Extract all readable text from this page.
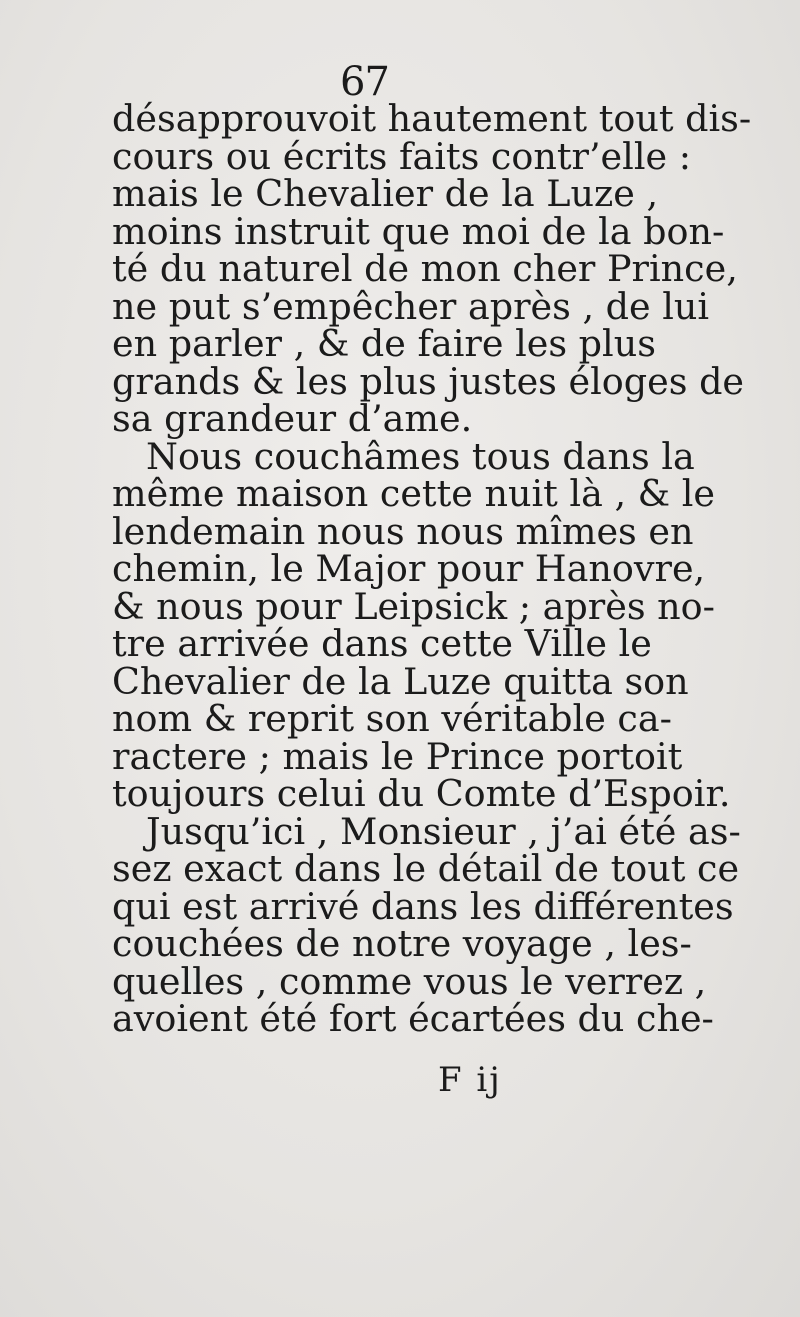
67
désapprouvoit hautement tout dis-
cours ou écrits faits contr’elle :
mais le Chevalier de la Luze ,
moins instruit que moi de la bon-
té du naturel de mon cher Prince,
ne put s’empêcher après , de lui
en parler , & de faire les plus
grands & les plus justes éloges de
sa grandeur d’ame.
Nous couchâmes tous dans la
même maison cette nuit là , & le
lendemain nous nous mîmes en
chemin, le Major pour Hanovre,
& nous pour Leipsick ; après no-
tre arrivée dans cette Ville le
Chevalier de la Luze quitta son
nom & reprit son véritable ca-
ractere ; mais le Prince portoit
toujours celui du Comte d’Espoir.
Jusqu’ici , Monsieur , j’ai été as-
sez exact dans le détail de tout ce
qui est arrivé dans les différentes
couchées de notre voyage , les-
quelles , comme vous le verrez ,
avoient été fort écartées du che-
F ij
